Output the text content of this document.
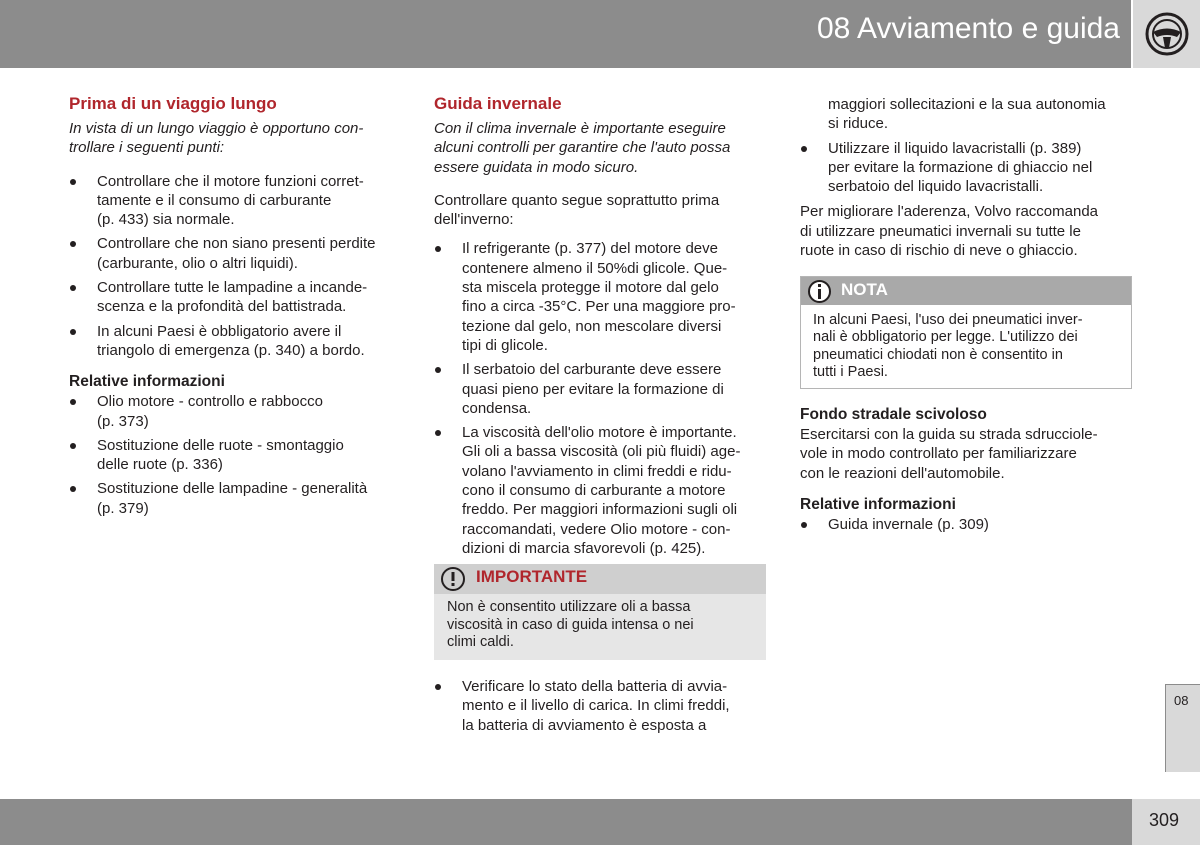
08 Avviamento e guida
Prima di un viaggio lungo
In vista di un lungo viaggio è opportuno con-
trollare i seguenti punti:
Controllare che il motore funzioni corret-
tamente e il consumo di carburante
(p. 433) sia normale.
Controllare che non siano presenti perdite
(carburante, olio o altri liquidi).
Controllare tutte le lampadine a incande-
scenza e la profondità del battistrada.
In alcuni Paesi è obbligatorio avere il
triangolo di emergenza (p. 340) a bordo.
Relative informazioni
Olio motore - controllo e rabbocco
(p. 373)
Sostituzione delle ruote - smontaggio
delle ruote (p. 336)
Sostituzione delle lampadine - generalità
(p. 379)
Guida invernale
Con il clima invernale è importante eseguire
alcuni controlli per garantire che l'auto possa
essere guidata in modo sicuro.

Controllare quanto segue soprattutto prima
dell'inverno:

Il refrigerante (p. 377) del motore deve
contenere almeno il 50%di glicole. Que-
sta miscela protegge il motore dal gelo
fino a circa -35°C. Per una maggiore pro-
tezione dal gelo, non mescolare diversi
tipi di glicole.
Il serbatoio del carburante deve essere
quasi pieno per evitare la formazione di
condensa.
La viscosità dell'olio motore è importante.
Gli oli a bassa viscosità (oli più fluidi) age-
volano l'avviamento in climi freddi e ridu-
cono il consumo di carburante a motore
freddo. Per maggiori informazioni sugli oli
raccomandati, vedere Olio motore - con-
dizioni di marcia sfavorevoli (p. 425).
IMPORTANTE
Non è consentito utilizzare oli a bassa
viscosità in caso di guida intensa o nei
climi caldi.
Verificare lo stato della batteria di avvia-
mento e il livello di carica. In climi freddi,
la batteria di avviamento è esposta a
maggiori sollecitazioni e la sua autonomia
si riduce.
Utilizzare il liquido lavacristalli (p. 389)
per evitare la formazione di ghiaccio nel
serbatoio del liquido lavacristalli.

Per migliorare l'aderenza, Volvo raccomanda
di utilizzare pneumatici invernali su tutte le
ruote in caso di rischio di neve o ghiaccio.

NOTA
In alcuni Paesi, l'uso dei pneumatici inver-
nali è obbligatorio per legge. L'utilizzo dei
pneumatici chiodati non è consentito in
tutti i Paesi.
Fondo stradale scivoloso

Esercitarsi con la guida su strada sdrucciole-
vole in modo controllato per familiarizzare
con le reazioni dell'automobile.

Relative informazioni
Guida invernale (p. 309)
08
309
